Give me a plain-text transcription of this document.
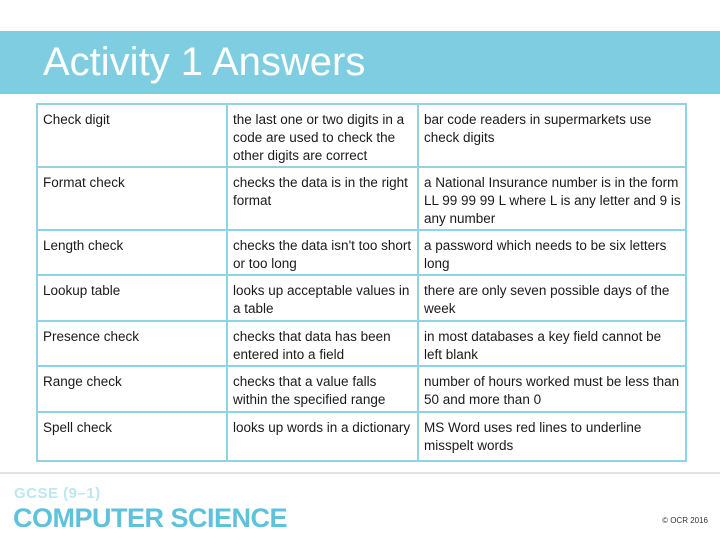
Activity 1 Answers
Check digit	the last one or two digits in a code are used to check the other digits are correct	bar code readers in supermarkets use check digits
Format check	checks the data is in the right format	a National Insurance number is in the form LL 99 99 99 L where L is any letter and 9 is any number
Length check	checks the data isn't too short or too long	a password which needs to be six letters long
Lookup table	looks up acceptable values in a table	there are only seven possible days of the week
Presence check	checks that data has been entered into a field	in most databases a key field cannot be left blank
Range check	checks that a value falls within the specified range	number of hours worked must be less than 50 and more than 0
Spell check	looks up words in a dictionary	MS Word uses red lines to underline misspelt words
GCSE (9–1)
COMPUTER SCIENCE	© OCR 2016
